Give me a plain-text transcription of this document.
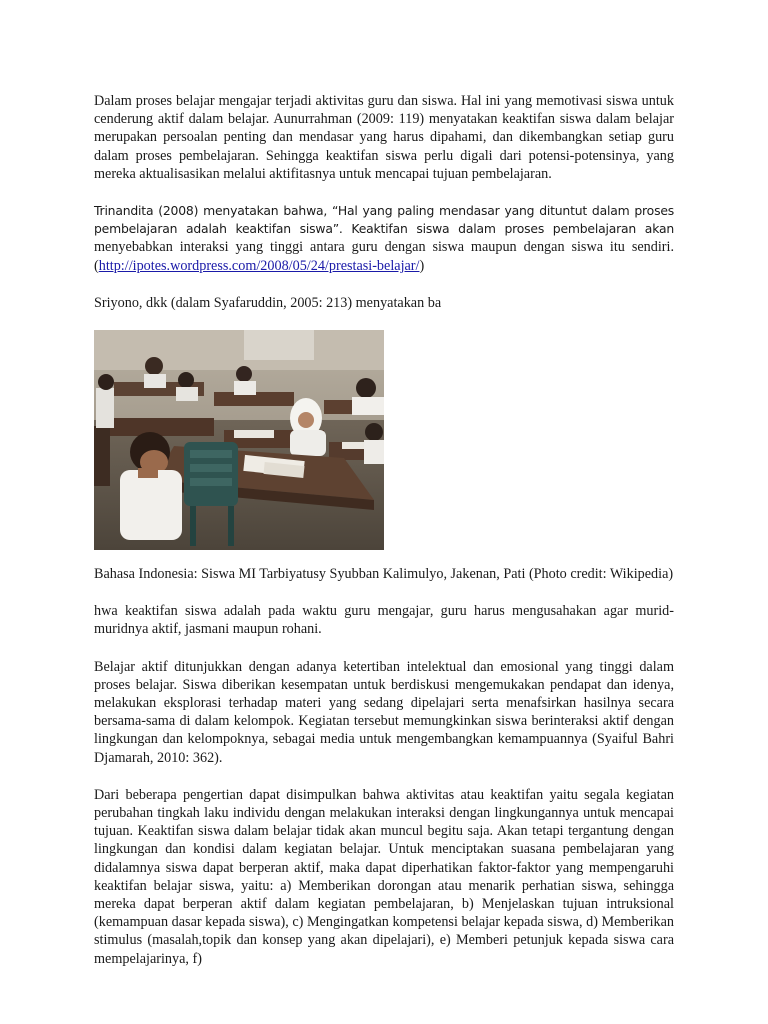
Dalam proses belajar mengajar terjadi aktivitas guru dan siswa. Hal ini yang memotivasi siswa untuk cenderung aktif dalam belajar. Aunurrahman (2009: 119) menyatakan keaktifan siswa dalam belajar merupakan persoalan penting dan mendasar yang harus dipahami, dan dikembangkan setiap guru dalam proses pembelajaran. Sehingga keaktifan siswa perlu digali dari potensi-potensinya, yang mereka aktualisasikan melalui aktifitasnya untuk mencapai tujuan pembelajaran.

Trinandita (2008) menyatakan bahwa, “Hal yang paling mendasar yang dituntut dalam proses pembelajaran adalah keaktifan siswa”. Keaktifan siswa dalam proses pembelajaran akan menyebabkan interaksi yang tinggi antara guru dengan siswa maupun dengan siswa itu sendiri. (http://ipotes.wordpress.com/2008/05/24/prestasi-belajar/)

Sriyono, dkk (dalam Syafaruddin, 2005: 213) menyatakan ba

Bahasa Indonesia: Siswa MI Tarbiyatusy Syubban Kalimulyo, Jakenan, Pati (Photo credit: Wikipedia)

hwa keaktifan siswa adalah pada waktu guru mengajar, guru harus mengusahakan agar murid-muridnya aktif, jasmani maupun rohani.

Belajar aktif ditunjukkan dengan adanya ketertiban intelektual dan emosional yang tinggi dalam proses belajar. Siswa diberikan kesempatan untuk berdiskusi mengemukakan pendapat dan idenya, melakukan eksplorasi terhadap materi yang sedang dipelajari serta menafsirkan hasilnya secara bersama-sama di dalam kelompok. Kegiatan tersebut memungkinkan siswa berinteraksi aktif dengan lingkungan dan kelompoknya, sebagai media untuk mengembangkan kemampuannya (Syaiful Bahri Djamarah, 2010: 362).

Dari beberapa pengertian dapat disimpulkan bahwa aktivitas atau keaktifan yaitu segala kegiatan perubahan tingkah laku individu dengan melakukan interaksi dengan lingkungannya untuk mencapai tujuan. Keaktifan siswa dalam belajar tidak akan muncul begitu saja. Akan tetapi tergantung dengan lingkungan dan kondisi dalam kegiatan belajar. Untuk menciptakan suasana pembelajaran yang didalamnya siswa dapat berperan aktif, maka dapat diperhatikan faktor-faktor yang mempengaruhi keaktifan belajar siswa, yaitu: a) Memberikan dorongan atau menarik perhatian siswa, sehingga mereka dapat berperan aktif dalam kegiatan pembelajaran, b) Menjelaskan tujuan intruksional (kemampuan dasar kepada siswa), c) Mengingatkan kompetensi belajar kepada siswa, d) Memberikan stimulus (masalah,topik dan konsep yang akan dipelajari), e) Memberi petunjuk kepada siswa cara mempelajarinya, f)
